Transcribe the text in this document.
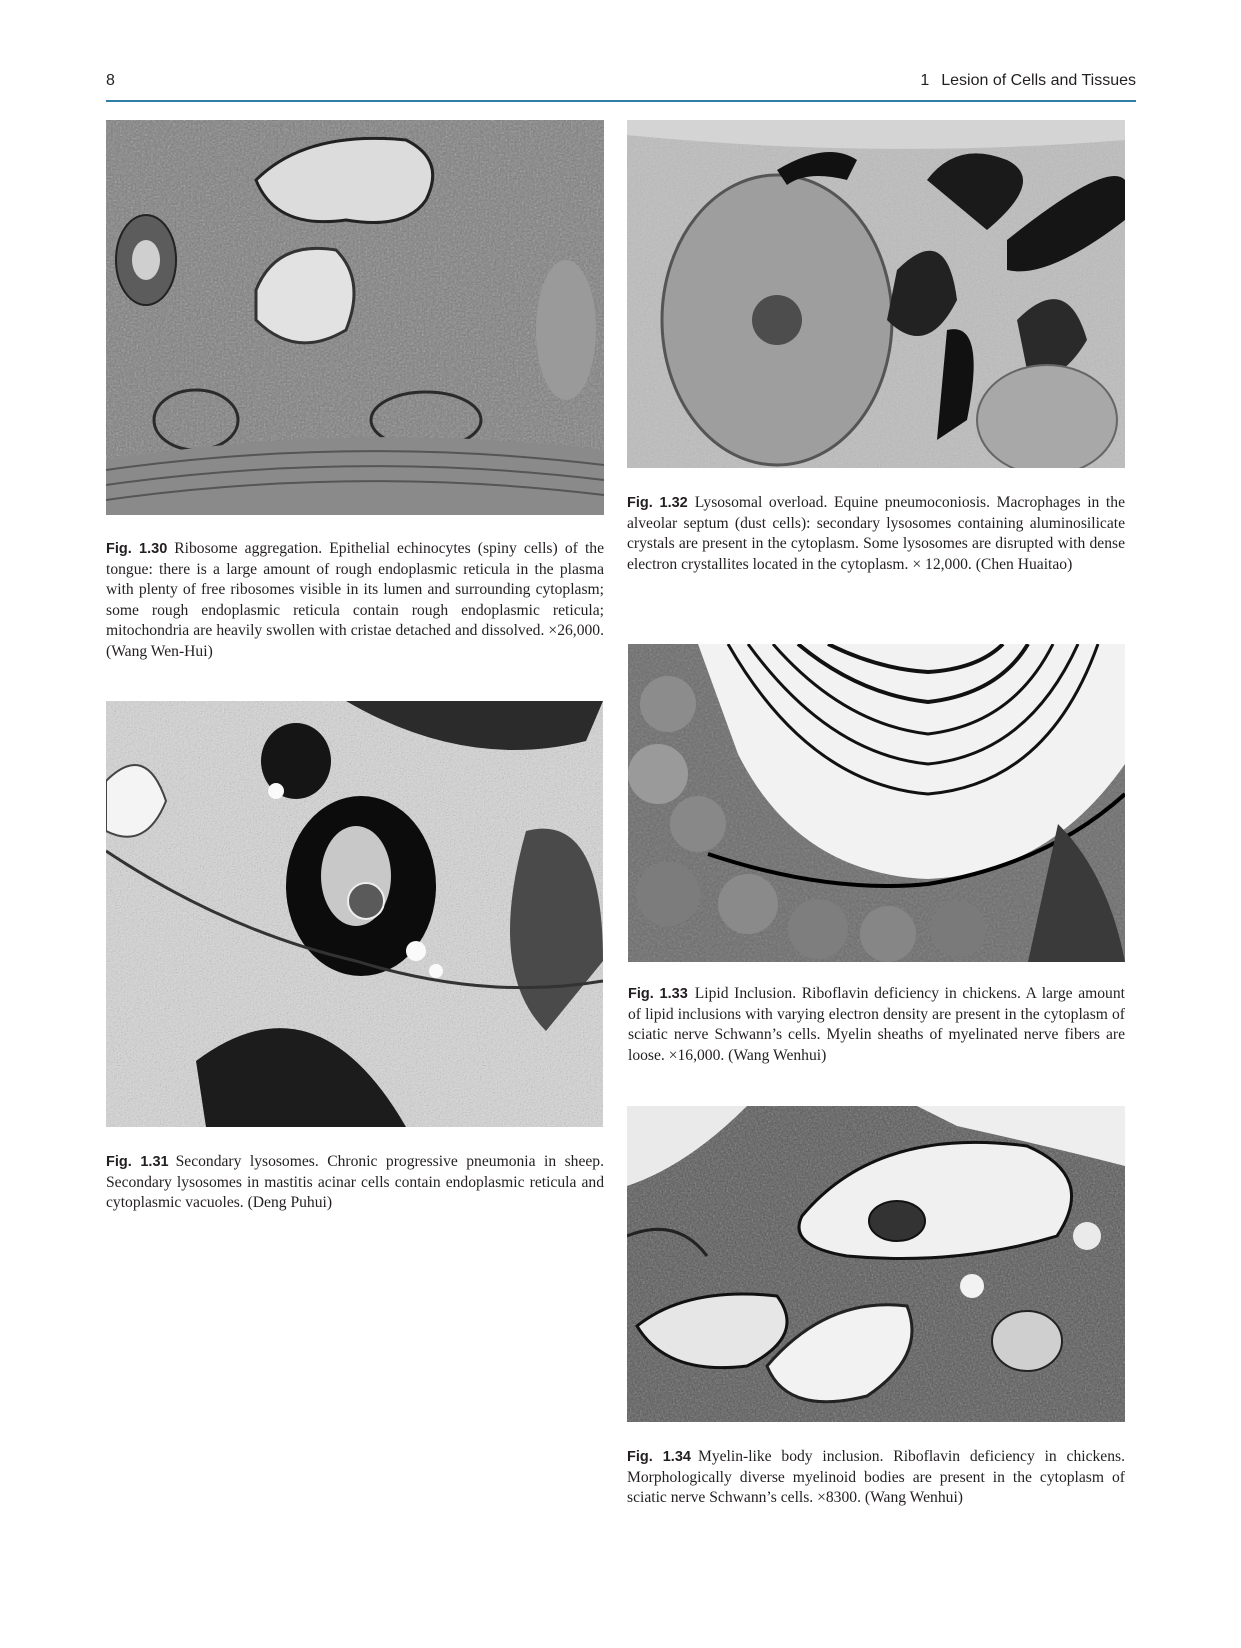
8	1 Lesion of Cells and Tissues
Fig. 1.30 Ribosome aggregation. Epithelial echinocytes (spiny cells) of the tongue: there is a large amount of rough endoplasmic reticula in the plasma with plenty of free ribosomes visible in its lumen and surrounding cytoplasm; some rough endoplasmic reticula contain rough endoplasmic reticula; mitochondria are heavily swollen with cristae detached and dissolved. ×26,000. (Wang Wen-Hui)
Fig. 1.31 Secondary lysosomes. Chronic progressive pneumonia in sheep. Secondary lysosomes in mastitis acinar cells contain endoplasmic reticula and cytoplasmic vacuoles. (Deng Puhui)
Fig. 1.32 Lysosomal overload. Equine pneumoconiosis. Macrophages in the alveolar septum (dust cells): secondary lysosomes containing aluminosilicate crystals are present in the cytoplasm. Some lysosomes are disrupted with dense electron crystallites located in the cytoplasm. × 12,000. (Chen Huaitao)
Fig. 1.33 Lipid Inclusion. Riboflavin deficiency in chickens. A large amount of lipid inclusions with varying electron density are present in the cytoplasm of sciatic nerve Schwann’s cells. Myelin sheaths of myelinated nerve fibers are loose. ×16,000. (Wang Wenhui)
Fig. 1.34 Myelin-like body inclusion. Riboflavin deficiency in chickens. Morphologically diverse myelinoid bodies are present in the cytoplasm of sciatic nerve Schwann’s cells. ×8300. (Wang Wenhui)
